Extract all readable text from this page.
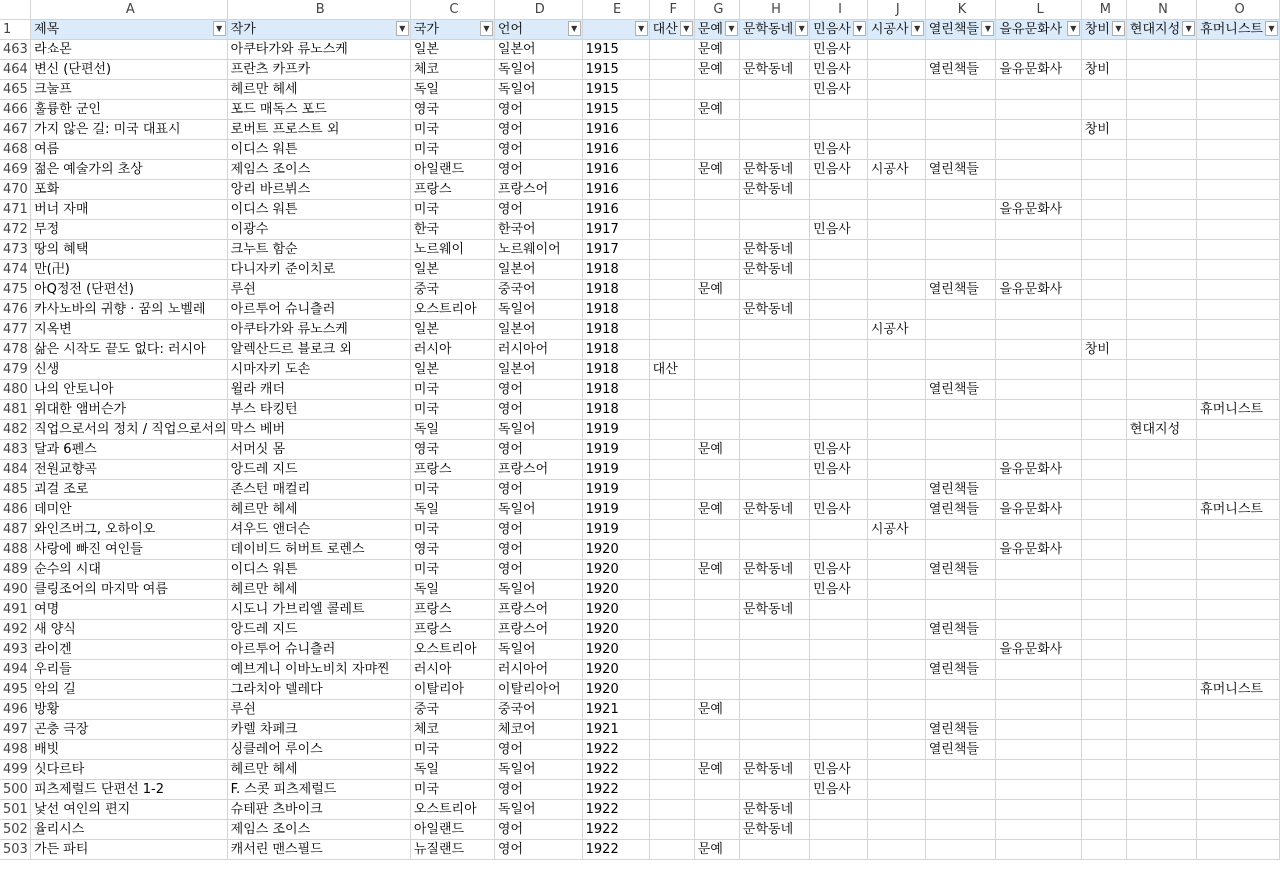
	A	B	C	D	E	F	G	H	I	J	K	L	M	N	O
1	제목 ▼	작가 ▼	국가 ▼	언어 ▼	▼	대산 ▼	문예 ▼	문학동네 ▼	민음사 ▼	시공사 ▼	열린책들 ▼	을유문화사 ▼	창비 ▼	현대지성 ▼	휴머니스트 ▼

463	라쇼몬	아쿠타가와 류노스케	일본	일본어	1915		문예		민음사						
464	변신 (단편선)	프란츠 카프카	체코	독일어	1915		문예	문학동네	민음사		열린책들	을유문화사	창비		
465	크눌프	헤르만 헤세	독일	독일어	1915				민음사						
466	훌륭한 군인	포드 매독스 포드	영국	영어	1915		문예								
467	가지 않은 길: 미국 대표시	로버트 프로스트 외	미국	영어	1916								창비		
468	여름	이디스 워튼	미국	영어	1916				민음사						
469	젊은 예술가의 초상	제임스 조이스	아일랜드	영어	1916		문예	문학동네	민음사	시공사	열린책들				
470	포화	앙리 바르뷔스	프랑스	프랑스어	1916			문학동네							
471	버너 자매	이디스 워튼	미국	영어	1916							을유문화사			
472	무정	이광수	한국	한국어	1917				민음사						
473	땅의 혜택	크누트 함순	노르웨이	노르웨이어	1917			문학동네							
474	만(卍)	다니자키 준이치로	일본	일본어	1918			문학동네							
475	아Q정전 (단편선)	루쉰	중국	중국어	1918		문예				열린책들	을유문화사			
476	카사노바의 귀향 · 꿈의 노벨레	아르투어 슈니츨러	오스트리아	독일어	1918			문학동네							
477	지옥변	아쿠타가와 류노스케	일본	일본어	1918					시공사					
478	삶은 시작도 끝도 없다: 러시아	알렉산드르 블로크 외	러시아	러시아어	1918								창비		
479	신생	시마자키 도손	일본	일본어	1918	대산									
480	나의 안토니아	윌라 캐더	미국	영어	1918						열린책들				
481	위대한 앰버슨가	부스 타킹턴	미국	영어	1918										휴머니스트
482	직업으로서의 정치 / 직업으로서의	막스 베버	독일	독일어	1919									현대지성	
483	달과 6펜스	서머싯 몸	영국	영어	1919		문예		민음사						
484	전원교향곡	앙드레 지드	프랑스	프랑스어	1919				민음사			을유문화사			
485	괴걸 조로	존스턴 매컬리	미국	영어	1919						열린책들				
486	데미안	헤르만 헤세	독일	독일어	1919		문예	문학동네	민음사		열린책들	을유문화사			휴머니스트
487	와인즈버그, 오하이오	셔우드 앤더슨	미국	영어	1919					시공사					
488	사랑에 빠진 여인들	데이비드 허버트 로렌스	영국	영어	1920							을유문화사			
489	순수의 시대	이디스 워튼	미국	영어	1920		문예	문학동네	민음사		열린책들				
490	클링조어의 마지막 여름	헤르만 헤세	독일	독일어	1920				민음사						
491	여명	시도니 가브리엘 콜레트	프랑스	프랑스어	1920			문학동네							
492	새 양식	앙드레 지드	프랑스	프랑스어	1920						열린책들				
493	라이겐	아르투어 슈니츨러	오스트리아	독일어	1920							을유문화사			
494	우리들	예브게니 이바노비치 자먀찐	러시아	러시아어	1920						열린책들				
495	악의 길	그라치아 델레다	이탈리아	이탈리아어	1920										휴머니스트
496	방황	루쉰	중국	중국어	1921		문예								
497	곤충 극장	카렐 차페크	체코	체코어	1921						열린책들				
498	배빗	싱클레어 루이스	미국	영어	1922						열린책들				
499	싯다르타	헤르만 헤세	독일	독일어	1922		문예	문학동네	민음사						
500	피츠제럴드 단편선 1-2	F. 스콧 피츠제럴드	미국	영어	1922				민음사						
501	낯선 여인의 편지	슈테판 츠바이크	오스트리아	독일어	1922			문학동네							
502	율리시스	제임스 조이스	아일랜드	영어	1922			문학동네							
503	가든 파티	캐서린 맨스필드	뉴질랜드	영어	1922		문예								
